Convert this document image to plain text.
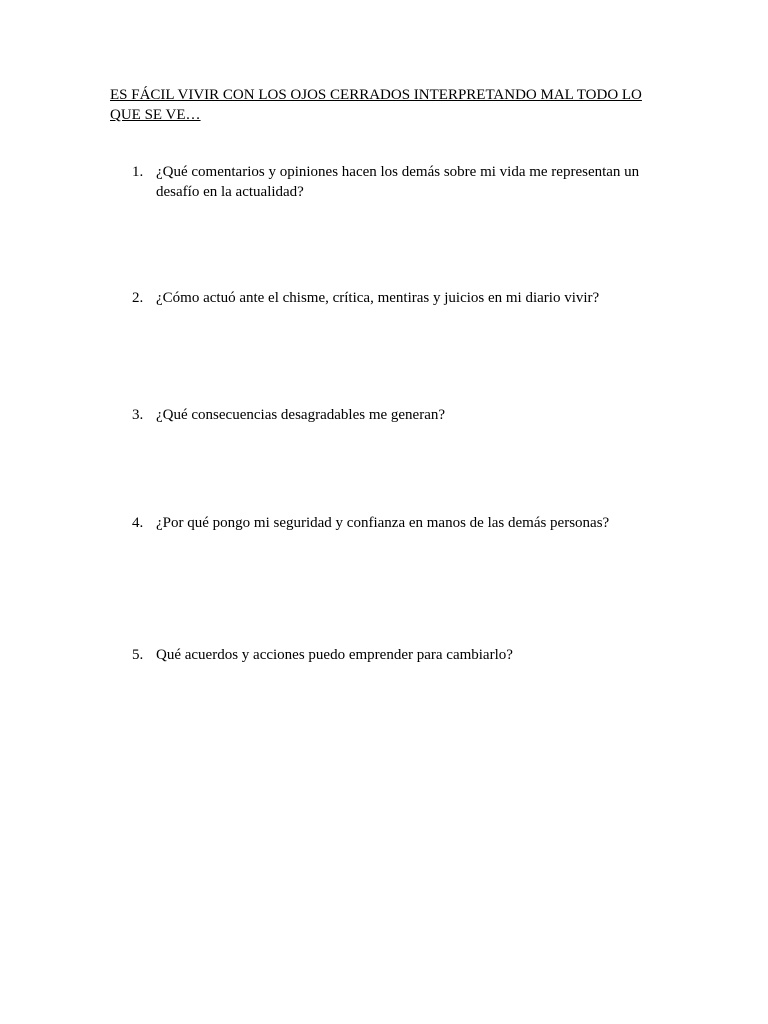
ES FÁCIL VIVIR CON LOS OJOS CERRADOS INTERPRETANDO MAL TODO LO QUE SE VE…
1. ¿Qué comentarios y opiniones hacen los demás sobre mi vida me representan un desafío en la actualidad?
2. ¿Cómo actuó ante el chisme, crítica, mentiras y juicios en mi diario vivir?
3. ¿Qué consecuencias desagradables me generan?
4. ¿Por qué pongo mi seguridad y confianza en manos de las demás personas?
5. Qué acuerdos y acciones puedo emprender para cambiarlo?
